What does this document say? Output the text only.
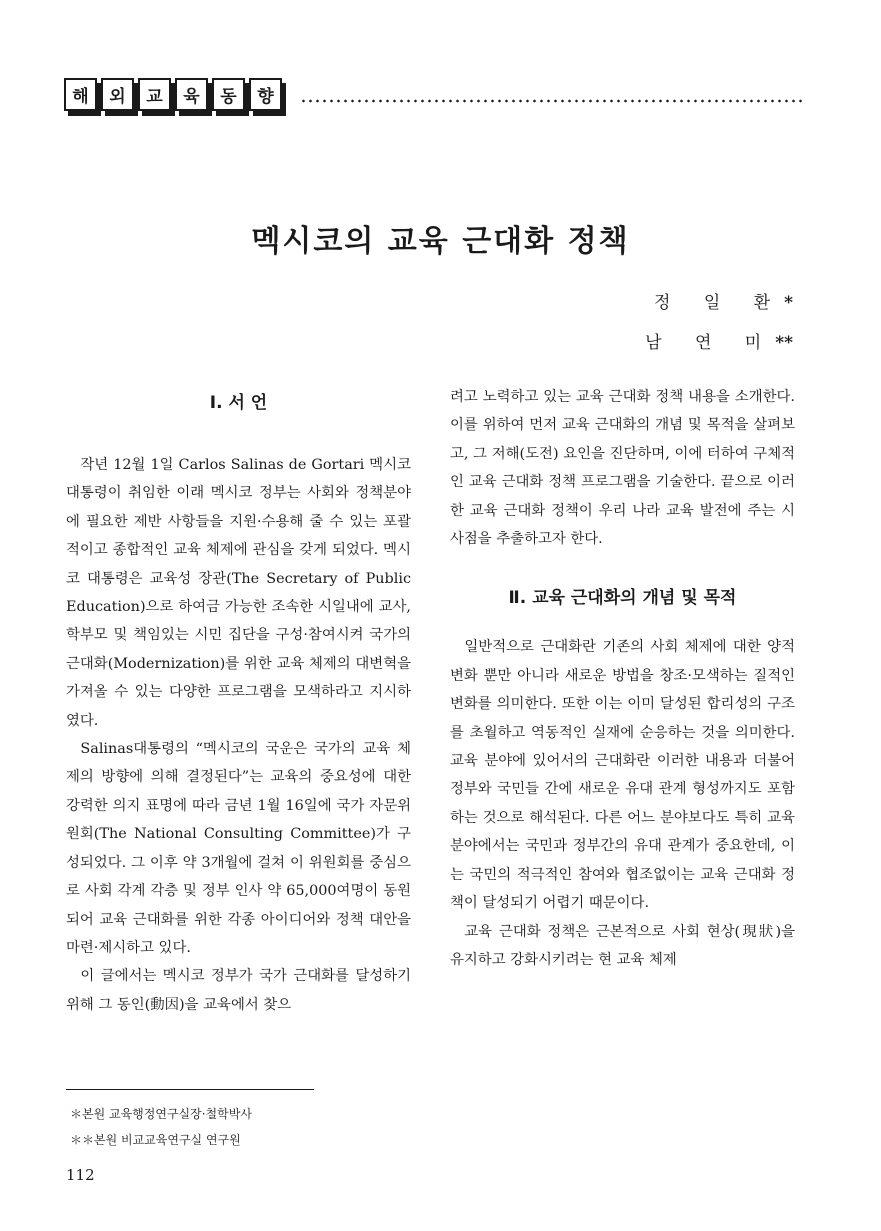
해	외	교	육	동	향
멕시코의 교육 근대화 정책
정 일 환*
남 연 미**
I. 서 언

작년 12월 1일 Carlos Salinas de Gortari 멕시코 대통령이 취임한 이래 멕시코 정부는 사회와 정책분야에 필요한 제반 사항들을 지원·수용해 줄 수 있는 포괄적이고 종합적인 교육 체제에 관심을 갖게 되었다. 멕시코 대통령은 교육성 장관(The Secretary of Public Education)으로 하여금 가능한 조속한 시일내에 교사, 학부모 및 책임있는 시민 집단을 구성·참여시켜 국가의 근대화(Modernization)를 위한 교육 체제의 대변혁을 가져올 수 있는 다양한 프로그램을 모색하라고 지시하였다.

Salinas대통령의 “멕시코의 국운은 국가의 교육 체제의 방향에 의해 결정된다”는 교육의 중요성에 대한 강력한 의지 표명에 따라 금년 1월 16일에 국가 자문위원회(The National Consulting Committee)가 구성되었다. 그 이후 약 3개월에 걸쳐 이 위원회를 중심으로 사회 각계 각층 및 정부 인사 약 65,000여명이 동원되어 교육 근대화를 위한 각종 아이디어와 정책 대안을 마련·제시하고 있다.

이 글에서는 멕시코 정부가 국가 근대화를 달성하기 위해 그 동인(動因)을 교육에서 찾으

려고 노력하고 있는 교육 근대화 정책 내용을 소개한다. 이를 위하여 먼저 교육 근대화의 개념 및 목적을 살펴보고, 그 저해(도전) 요인을 진단하며, 이에 터하여 구체적인 교육 근대화 정책 프로그램을 기술한다. 끝으로 이러한 교육 근대화 정책이 우리 나라 교육 발전에 주는 시사점을 추출하고자 한다.

Ⅱ. 교육 근대화의 개념 및 목적

일반적으로 근대화란 기존의 사회 체제에 대한 양적 변화 뿐만 아니라 새로운 방법을 창조·모색하는 질적인 변화를 의미한다. 또한 이는 이미 달성된 합리성의 구조를 초월하고 역동적인 실재에 순응하는 것을 의미한다. 교육 분야에 있어서의 근대화란 이러한 내용과 더불어 정부와 국민들 간에 새로운 유대 관계 형성까지도 포함하는 것으로 해석된다. 다른 어느 분야보다도 특히 교육 분야에서는 국민과 정부간의 유대 관계가 중요한데, 이는 국민의 적극적인 참여와 협조없이는 교육 근대화 정책이 달성되기 어렵기 때문이다.

교육 근대화 정책은 근본적으로 사회 현상(現狀)을 유지하고 강화시키려는 현 교육 체제

＊본원 교육행정연구실장·철학박사
＊＊본원 비교교육연구실 연구원
112
